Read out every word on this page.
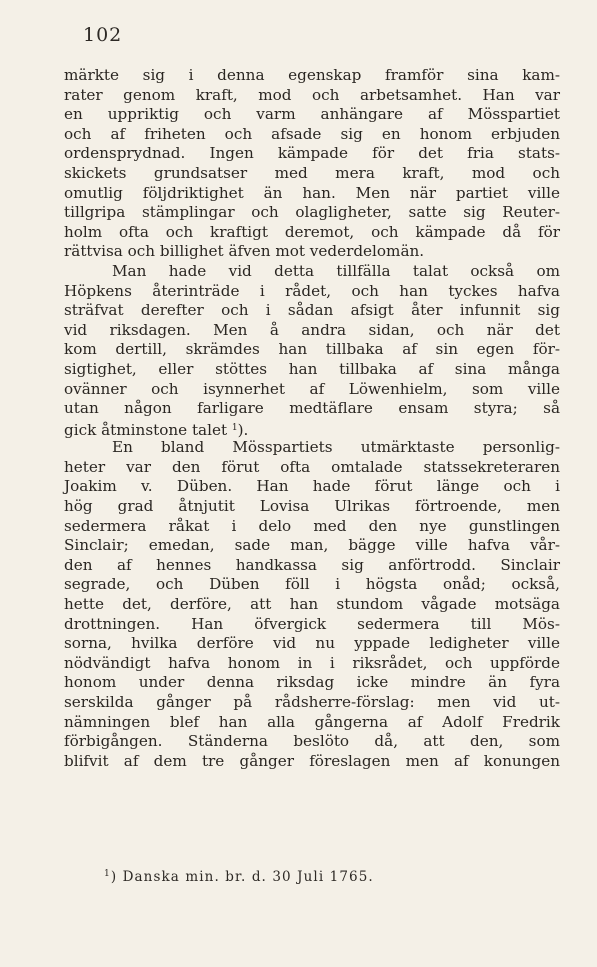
102
märkte sig i denna egenskap framför sina kam-
rater genom kraft, mod och arbetsamhet. Han var
en uppriktig och varm anhängare af Mösspartiet
och af friheten och afsade sig en honom erbjuden
ordensprydnad. Ingen kämpade för det fria stats-
skickets grundsatser med mera kraft, mod och
omutlig följdriktighet än han. Men när partiet ville
tillgripa stämplingar och olagligheter, satte sig Reuter-
holm ofta och kraftigt deremot, och kämpade då för
rättvisa och billighet äfven mot vederdelomän.
Man hade vid detta tillfälla talat också om
Höpkens återinträde i rådet, och han tyckes hafva
sträfvat derefter och i sådan afsigt åter infunnit sig
vid riksdagen. Men å andra sidan, och när det
kom dertill, skrämdes han tillbaka af sin egen för-
sigtighet, eller stöttes han tillbaka af sina många
ovänner och isynnerhet af Löwenhielm, som ville
utan någon farligare medtäflare ensam styra; så
gick åtminstone talet $^1$).
En bland Mösspartiets utmärktaste personlig-
heter var den förut ofta omtalade statssekreteraren
Joakim v. Düben. Han hade förut länge och i
hög grad åtnjutit Lovisa Ulrikas förtroende, men
sedermera råkat i delo med den nye gunstlingen
Sinclair; emedan, sade man, bägge ville hafva vår-
den af hennes handkassa sig anförtrodd. Sinclair
segrade, och Düben föll i högsta onåd; också,
hette det, derföre, att han stundom vågade motsäga
drottningen. Han öfvergick sedermera till Mös-
sorna, hvilka derföre vid nu yppade ledigheter ville
nödvändigt hafva honom in i riksrådet, och uppförde
honom under denna riksdag icke mindre än fyra
serskilda gånger på rådsherre-förslag: men vid ut-
nämningen blef han alla gångerna af Adolf Fredrik
förbigången. Ständerna beslöto då, att den, som
blifvit af dem tre gånger föreslagen men af konungen
$^1$) Danska min. br. d. 30 Juli 1765.
